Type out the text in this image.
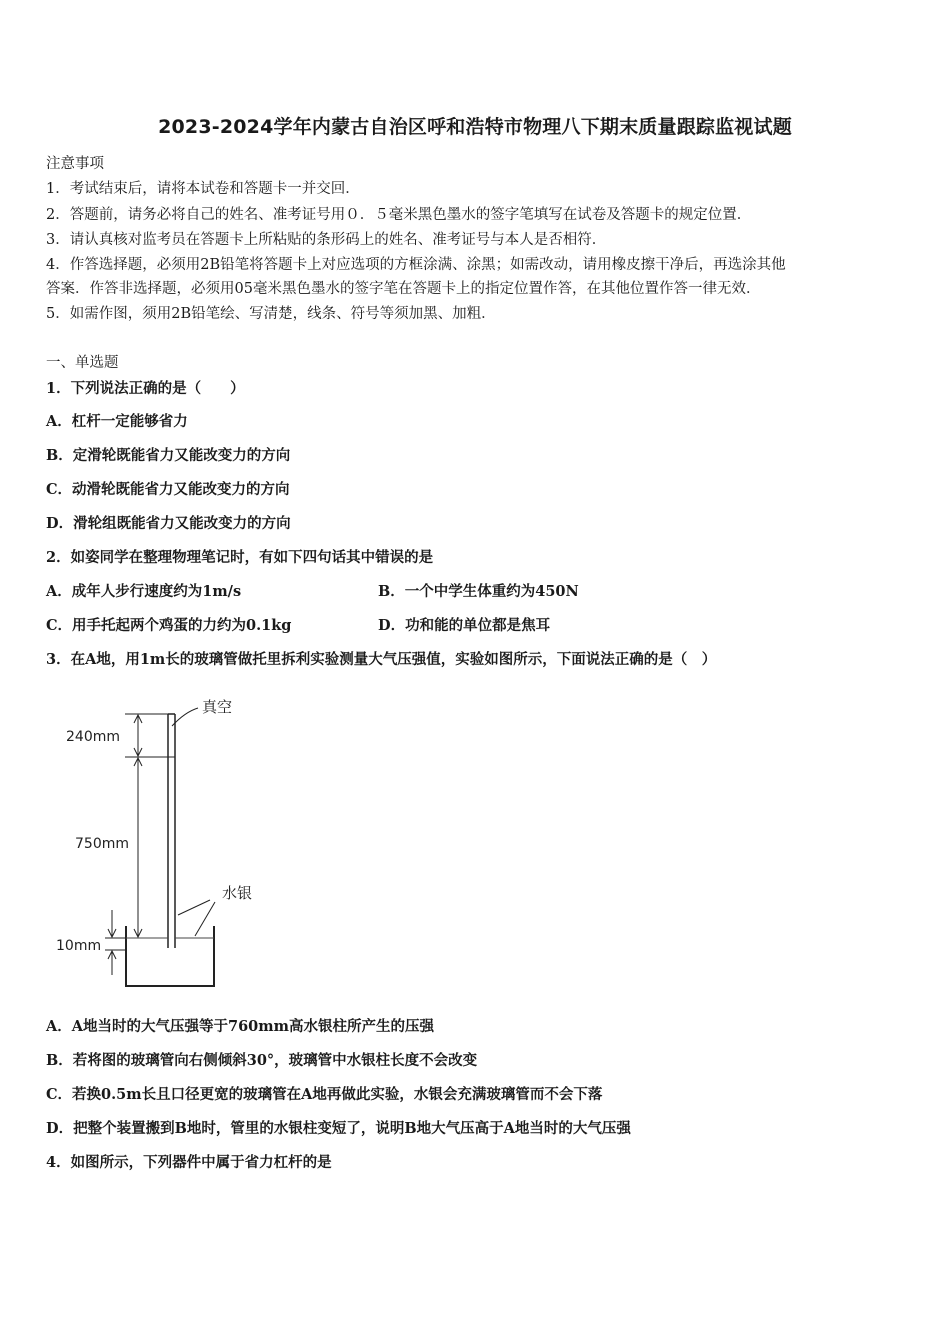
2023-2024学年内蒙古自治区呼和浩特市物理八下期末质量跟踪监视试题
注意事项
1．考试结束后，请将本试卷和答题卡一并交回．
2．答题前，请务必将自己的姓名、准考证号用０．５毫米黑色墨水的签字笔填写在试卷及答题卡的规定位置．
3．请认真核对监考员在答题卡上所粘贴的条形码上的姓名、准考证号与本人是否相符．
4．作答选择题，必须用2B铅笔将答题卡上对应选项的方框涂满、涂黑；如需改动，请用橡皮擦干净后，再选涂其他
答案．作答非选择题，必须用05毫米黑色墨水的签字笔在答题卡上的指定位置作答，在其他位置作答一律无效．
5．如需作图，须用2B铅笔绘、写清楚，线条、符号等须加黑、加粗．
一、单选题
1．下列说法正确的是（　　）
A．杠杆一定能够省力
B．定滑轮既能省力又能改变力的方向
C．动滑轮既能省力又能改变力的方向
D．滑轮组既能省力又能改变力的方向
2．如姿同学在整理物理笔记时，有如下四句话其中错误的是
A．成年人步行速度约为1m/s	B．一个中学生体重约为450N
C．用手托起两个鸡蛋的力约为0.1kg	D．功和能的单位都是焦耳
3．在A地，用1m长的玻璃管做托里拆利实验测量大气压强值，实验如图所示，下面说法正确的是（　）
240mm
750mm
10mm
真空
水银
A．A地当时的大气压强等于760mm高水银柱所产生的压强
B．若将图的玻璃管向右侧倾斜30°，玻璃管中水银柱长度不会改变
C．若换0.5m长且口径更宽的玻璃管在A地再做此实验，水银会充满玻璃管而不会下落
D．把整个装置搬到B地时，管里的水银柱变短了，说明B地大气压高于A地当时的大气压强
4．如图所示，下列器件中属于省力杠杆的是
